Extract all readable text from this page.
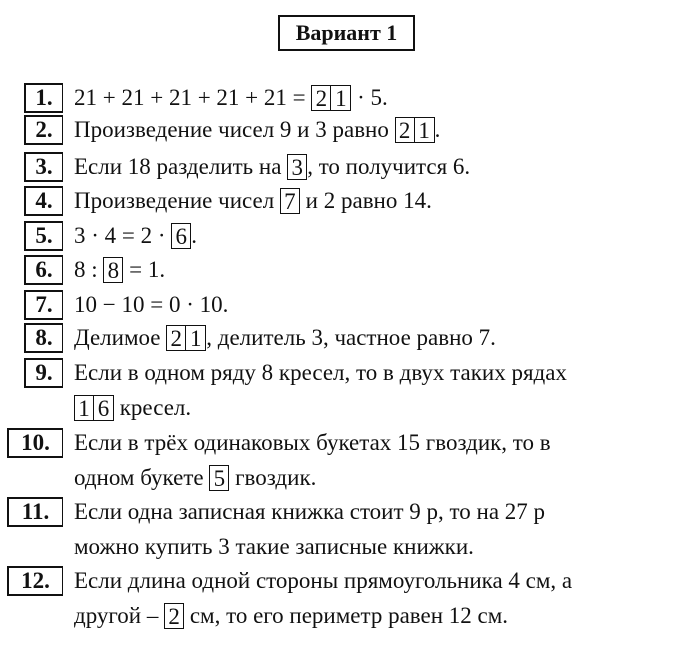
Вариант 1
1. 21 + 21 + 21 + 21 + 21 = 2 1 · 5.
2. Произведение чисел 9 и 3 равно 2 1 .
3. Если 18 разделить на 3 , то получится 6.
4. Произведение чисел 7 и 2 равно 14.
5. 3 · 4 = 2 · 6 .
6. 8 : 8 = 1.
7. 10 − 10 = 0 · 10.
8. Делимое 2 1 , делитель 3, частное равно 7.
9. Если в одном ряду 8 кресел, то в двух таких рядах
1 6 кресел.
10.	Если в трёх одинаковых букетах 15 гвоздик, то в
одном букете 5 гвоздик.
11.	Если одна записная книжка стоит 9 р, то на 27 р
можно купить 3 такие записные книжки.
12.	Если длина одной стороны прямоугольника 4 см, а
другой – 2 см, то его периметр равен 12 см.
